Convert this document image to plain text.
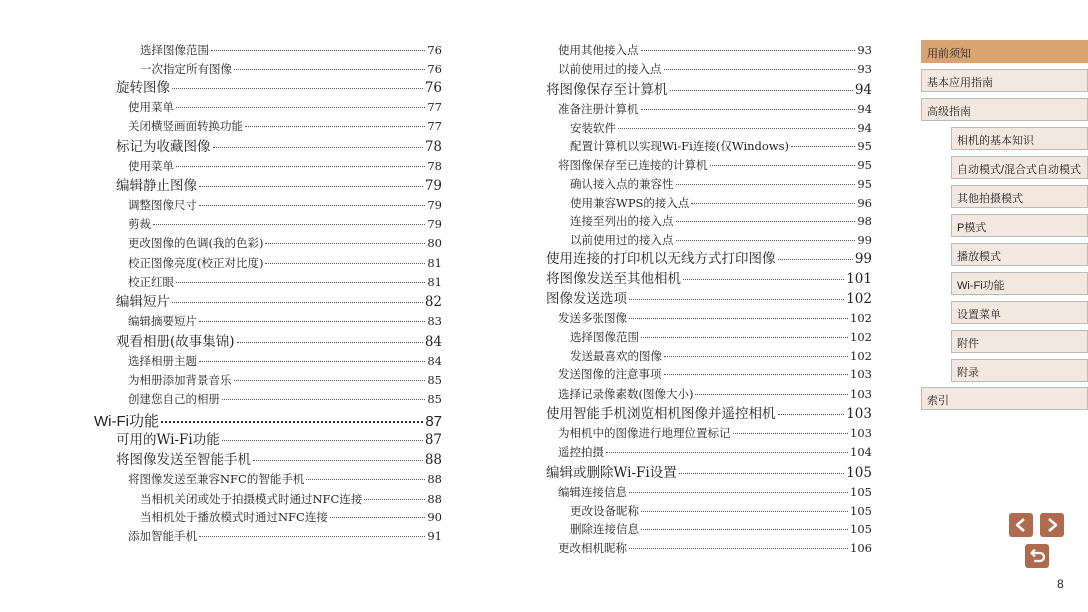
选择图像范围	76
一次指定所有图像	76
旋转图像	76
使用菜单	77
关闭横竖画面转换功能	77
标记为收藏图像	78
使用菜单	78
编辑静止图像	79
调整图像尺寸	79
剪裁	79
更改图像的色调(我的色彩)	80
校正图像亮度(校正对比度)	81
校正红眼	81
编辑短片	82
编辑摘要短片	83
观看相册(故事集锦)	84
选择相册主题	84
为相册添加背景音乐	85
创建您自己的相册	85
Wi-Fi功能	87
可用的Wi-Fi功能	87
将图像发送至智能手机	88
将图像发送至兼容NFC的智能手机	88
当相机关闭或处于拍摄模式时通过NFC连接	88
当相机处于播放模式时通过NFC连接	90
添加智能手机	91
使用其他接入点	93
以前使用过的接入点	93
将图像保存至计算机	94
准备注册计算机	94
安装软件	94
配置计算机以实现Wi-Fi连接(仅Windows)	95
将图像保存至已连接的计算机	95
确认接入点的兼容性	95
使用兼容WPS的接入点	96
连接至列出的接入点	98
以前使用过的接入点	99
使用连接的打印机以无线方式打印图像	99
将图像发送至其他相机	101
图像发送选项	102
发送多张图像	102
选择图像范围	102
发送最喜欢的图像	102
发送图像的注意事项	103
选择记录像素数(图像大小)	103
使用智能手机浏览相机图像并遥控相机	103
为相机中的图像进行地理位置标记	103
遥控拍摄	104
编辑或删除Wi-Fi设置	105
编辑连接信息	105
更改设备昵称	105
删除连接信息	105
更改相机昵称	106
用前须知
基本应用指南
高级指南
相机的基本知识
自动模式/混合式自动模式
其他拍摄模式
P模式
播放模式
Wi-Fi功能
设置菜单
附件
附录
索引
8
